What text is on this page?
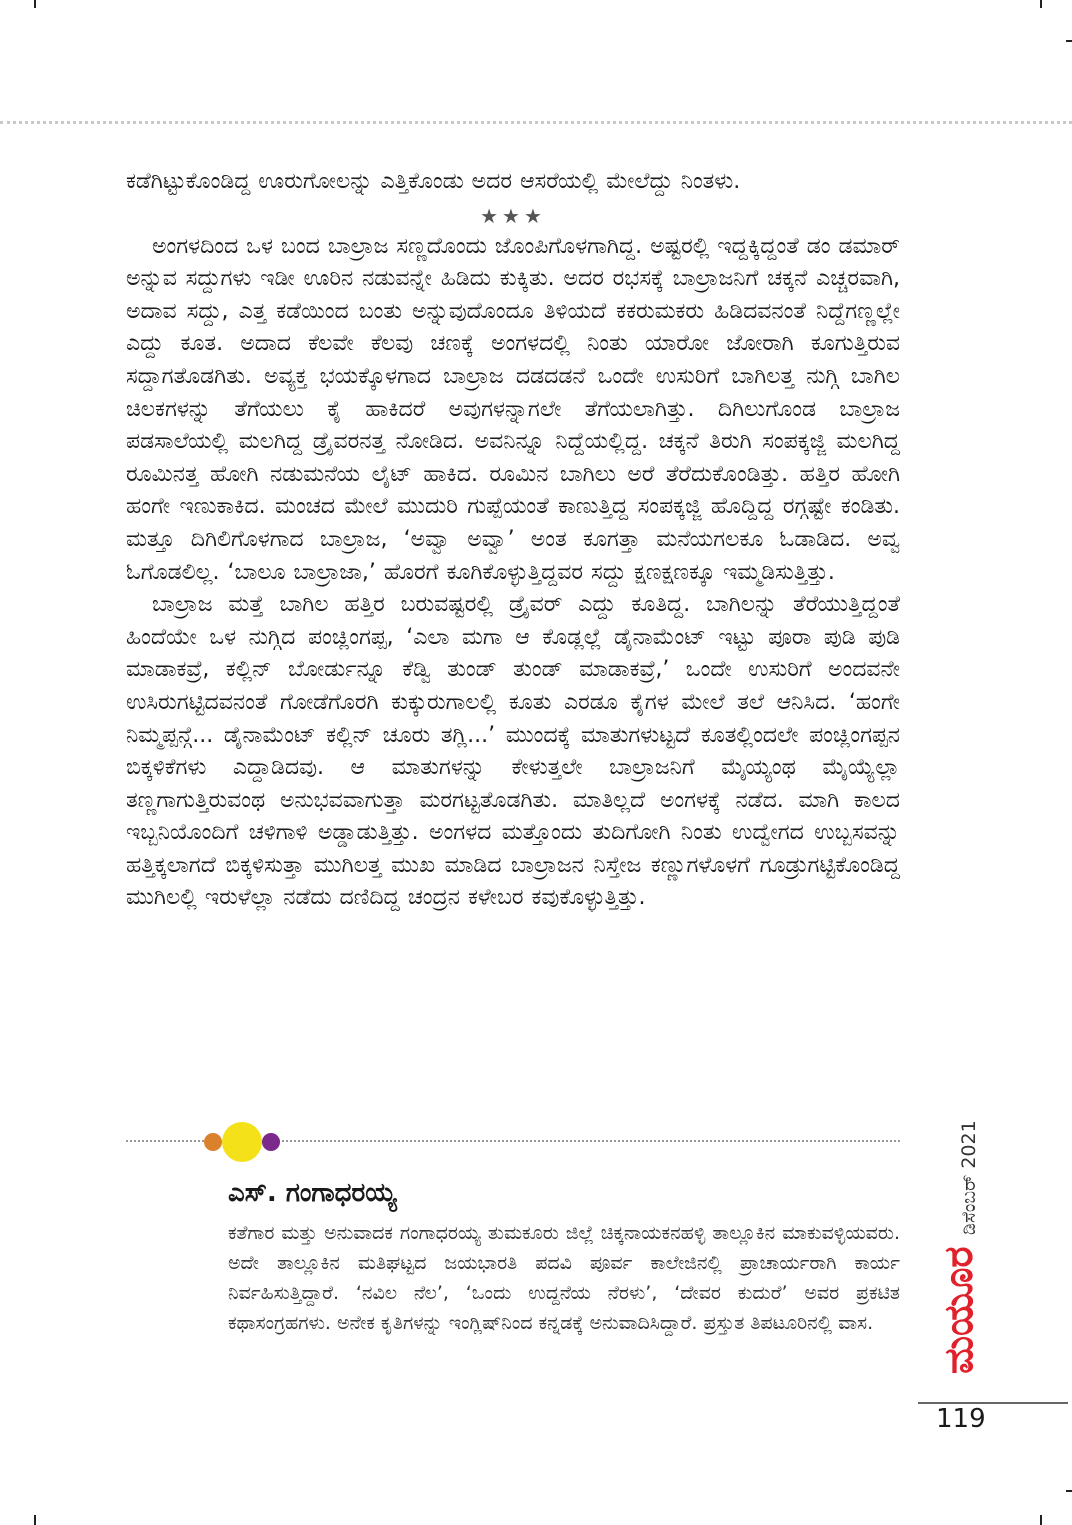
ಕಡೆಗಿಟ್ಟುಕೊಂಡಿದ್ದ ಊರುಗೋಲನ್ನು ಎತ್ತಿಕೊಂಡು ಅದರ ಆಸರೆಯಲ್ಲಿ ಮೇಲೆದ್ದು ನಿಂತಳು.

★★★

ಅಂಗಳದಿಂದ ಒಳ ಬಂದ ಬಾಲ್ರಾಜ ಸಣ್ಣದೊಂದು ಜೊಂಪಿಗೊಳಗಾಗಿದ್ದ. ಅಷ್ಟರಲ್ಲಿ ಇದ್ದಕ್ಕಿದ್ದಂತೆ ಡಂ ಡಮಾರ್ ಅನ್ನುವ ಸದ್ದುಗಳು ಇಡೀ ಊರಿನ ನಡುವನ್ನೇ ಹಿಡಿದು ಕುಕ್ಕಿತು. ಅದರ ರಭಸಕ್ಕೆ ಬಾಲ್ರಾಜನಿಗೆ ಚಕ್ಕನೆ ಎಚ್ಚರವಾಗಿ, ಅದಾವ ಸದ್ದು, ಎತ್ತ ಕಡೆಯಿಂದ ಬಂತು ಅನ್ನುವುದೊಂದೂ ತಿಳಿಯದೆ ಕಕರುಮಕರು ಹಿಡಿದವನಂತೆ ನಿದ್ದೆಗಣ್ಣಲ್ಲೇ ಎದ್ದು ಕೂತ. ಅದಾದ ಕೆಲವೇ ಕೆಲವು ಚಣಕ್ಕೆ ಅಂಗಳದಲ್ಲಿ ನಿಂತು ಯಾರೋ ಜೋರಾಗಿ ಕೂಗುತ್ತಿರುವ ಸದ್ದಾಗತೊಡಗಿತು. ಅವ್ಯಕ್ತ ಭಯಕ್ಕೊಳಗಾದ ಬಾಲ್ರಾಜ ದಡದಡನೆ ಒಂದೇ ಉಸುರಿಗೆ ಬಾಗಿಲತ್ತ ನುಗ್ಗಿ ಬಾಗಿಲ ಚಿಲಕಗಳನ್ನು ತೆಗೆಯಲು ಕೈ ಹಾಕಿದರೆ ಅವುಗಳನ್ನಾಗಲೇ ತೆಗೆಯಲಾಗಿತ್ತು. ದಿಗಿಲುಗೊಂಡ ಬಾಲ್ರಾಜ ಪಡಸಾಲೆಯಲ್ಲಿ ಮಲಗಿದ್ದ ಡ್ರೈವರನತ್ತ ನೋಡಿದ. ಅವನಿನ್ನೂ ನಿದ್ದೆಯಲ್ಲಿದ್ದ. ಚಕ್ಕನೆ ತಿರುಗಿ ಸಂಪಕ್ಕಜ್ಜಿ ಮಲಗಿದ್ದ ರೂಮಿನತ್ತ ಹೋಗಿ ನಡುಮನೆಯ ಲೈಟ್ ಹಾಕಿದ. ರೂಮಿನ ಬಾಗಿಲು ಅರೆ ತೆರೆದುಕೊಂಡಿತ್ತು. ಹತ್ತಿರ ಹೋಗಿ ಹಂಗೇ ಇಣುಕಾಕಿದ. ಮಂಚದ ಮೇಲೆ ಮುದುರಿ ಗುಪ್ಪೆಯಂತೆ ಕಾಣುತ್ತಿದ್ದ ಸಂಪಕ್ಕಜ್ಜಿ ಹೊದ್ದಿದ್ದ ರಗ್ಗಷ್ಟೇ ಕಂಡಿತು. ಮತ್ತೂ ದಿಗಿಲಿಗೊಳಗಾದ ಬಾಲ್ರಾಜ, ‘ಅವ್ವಾ ಅವ್ವಾ’ ಅಂತ ಕೂಗತ್ತಾ ಮನೆಯಗಲಕೂ ಓಡಾಡಿದ. ಅವ್ವ ಓಗೊಡಲಿಲ್ಲ. ‘ಬಾಲೂ ಬಾಲ್ರಾಜಾ,’ ಹೊರಗೆ ಕೂಗಿಕೊಳ್ಳುತ್ತಿದ್ದವರ ಸದ್ದು ಕ್ಷಣಕ್ಷಣಕ್ಕೂ ಇಮ್ಮಡಿಸುತ್ತಿತ್ತು.

ಬಾಲ್ರಾಜ ಮತ್ತೆ ಬಾಗಿಲ ಹತ್ತಿರ ಬರುವಷ್ಟರಲ್ಲಿ ಡ್ರೈವರ್ ಎದ್ದು ಕೂತಿದ್ದ. ಬಾಗಿಲನ್ನು ತೆರೆಯುತ್ತಿದ್ದಂತೆ ಹಿಂದೆಯೇ ಒಳ ನುಗ್ಗಿದ ಪಂಚ್ಲಿಂಗಪ್ಪ, ‘ಎಲಾ ಮಗಾ ಆ ಕೊಡ್ಲಲ್ಲೆ ಡೈನಾಮೆಂಟ್ ಇಟ್ಟು ಪೂರಾ ಪುಡಿ ಪುಡಿ ಮಾಡಾಕವ್ರೆ, ಕಲ್ಲಿನ್ ಬೋರ್ಡುನ್ನೂ ಕೆಡ್ವಿ ತುಂಡ್ ತುಂಡ್ ಮಾಡಾಕವ್ರೆ,’ ಒಂದೇ ಉಸುರಿಗೆ ಅಂದವನೇ ಉಸಿರುಗಟ್ಟಿದವನಂತೆ ಗೋಡೆಗೊರಗಿ ಕುಕ್ಕುರುಗಾಲಲ್ಲಿ ಕೂತು ಎರಡೂ ಕೈಗಳ ಮೇಲೆ ತಲೆ ಆನಿಸಿದ. ‘ಹಂಗೇ ನಿಮ್ಮಪ್ಪನ್ಗೆ... ಡೈನಾಮೆಂಟ್ ಕಲ್ಲಿನ್ ಚೂರು ತಗ್ಲಿ...’ ಮುಂದಕ್ಕೆ ಮಾತುಗಳುಟ್ಟದೆ ಕೂತಲ್ಲಿಂದಲೇ ಪಂಚ್ಲಿಂಗಪ್ಪನ ಬಿಕ್ಕಳಿಕೆಗಳು ಎದ್ದಾಡಿದವು. ಆ ಮಾತುಗಳನ್ನು ಕೇಳುತ್ತಲೇ ಬಾಲ್ರಾಜನಿಗೆ ಮೈಯ್ಯಂಥ ಮೈಯ್ಯೆಲ್ಲಾ ತಣ್ಣಗಾಗುತ್ತಿರುವಂಥ ಅನುಭವವಾಗುತ್ತಾ ಮರಗಟ್ಟತೊಡಗಿತು. ಮಾತಿಲ್ಲದೆ ಅಂಗಳಕ್ಕೆ ನಡೆದ. ಮಾಗಿ ಕಾಲದ ಇಬ್ಬನಿಯೊಂದಿಗೆ ಚಳಿಗಾಳಿ ಅಡ್ಡಾಡುತ್ತಿತ್ತು. ಅಂಗಳದ ಮತ್ತೊಂದು ತುದಿಗೋಗಿ ನಿಂತು ಉದ್ವೇಗದ ಉಬ್ಬಸವನ್ನು ಹತ್ತಿಕ್ಕಲಾಗದೆ ಬಿಕ್ಕಳಿಸುತ್ತಾ ಮುಗಿಲತ್ತ ಮುಖ ಮಾಡಿದ ಬಾಲ್ರಾಜನ ನಿಸ್ತೇಜ ಕಣ್ಣುಗಳೊಳಗೆ ಗೂಡ್ರುಗಟ್ಟಿಕೊಂಡಿದ್ದ ಮುಗಿಲಲ್ಲಿ ಇರುಳೆಲ್ಲಾ ನಡೆದು ದಣಿದಿದ್ದ ಚಂದ್ರನ ಕಳೇಬರ ಕವುಕೊಳ್ಳುತ್ತಿತ್ತು.

ಎಸ್. ಗಂಗಾಧರಯ್ಯ

ಕತೆಗಾರ ಮತ್ತು ಅನುವಾದಕ ಗಂಗಾಧರಯ್ಯ ತುಮಕೂರು ಜಿಲ್ಲೆ ಚಿಕ್ಕನಾಯಕನಹಳ್ಳಿ ತಾಲ್ಲೂಕಿನ ಮಾಕುವಳ್ಳಿಯವರು. ಅದೇ ತಾಲ್ಲೂಕಿನ ಮತಿಘಟ್ಟದ ಜಯಭಾರತಿ ಪದವಿ ಪೂರ್ವ ಕಾಲೇಜಿನಲ್ಲಿ ಪ್ರಾಚಾರ್ಯರಾಗಿ ಕಾರ್ಯ ನಿರ್ವಹಿಸುತ್ತಿದ್ದಾರೆ. ‘ನವಿಲ ನೆಲ’, ‘ಒಂದು ಉದ್ದನೆಯ ನೆರಳು’, ‘ದೇವರ ಕುದುರೆ’ ಅವರ ಪ್ರಕಟಿತ ಕಥಾಸಂಗ್ರಹಗಳು. ಅನೇಕ ಕೃತಿಗಳನ್ನು ಇಂಗ್ಲಿಷ್‌ನಿಂದ ಕನ್ನಡಕ್ಕೆ ಅನುವಾದಿಸಿದ್ದಾರೆ. ಪ್ರಸ್ತುತ ತಿಪಟೂರಿನಲ್ಲಿ ವಾಸ.

ಡಿಸೆಂಬರ್ 2021
ಮಯೂರ
119
